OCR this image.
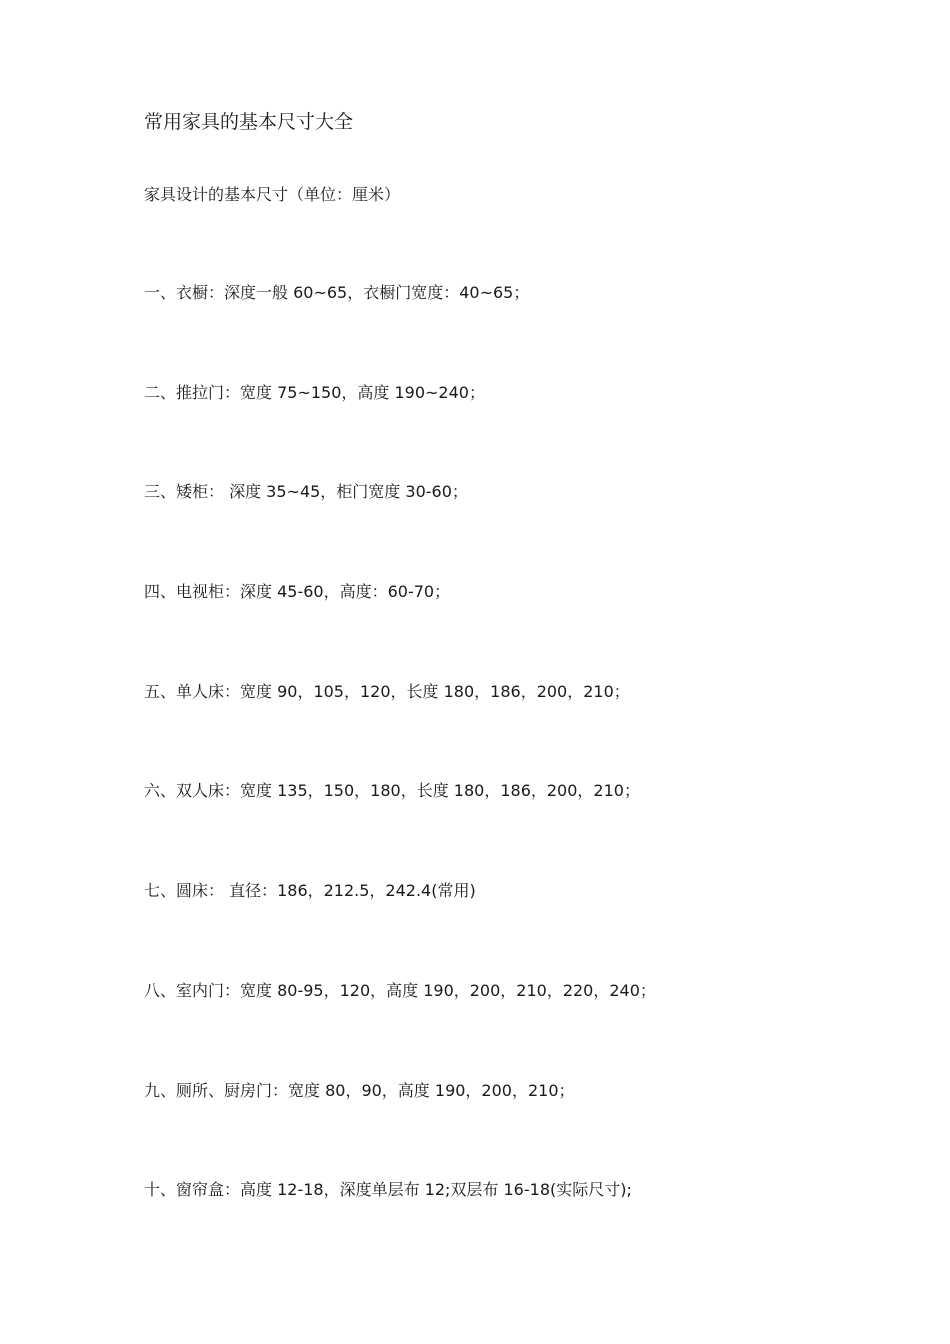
常用家具的基本尺寸大全
家具设计的基本尺寸（单位：厘米）
一、衣橱：深度一般 60~65，衣橱门宽度：40~65；
二、推拉门：宽度 75~150，高度 190~240；
三、矮柜： 深度 35~45，柜门宽度 30-60；
四、电视柜：深度 45-60，高度：60-70；
五、单人床：宽度 90，105，120，长度 180，186，200，210；
六、双人床：宽度 135，150，180，长度 180，186，200，210；
七、圆床： 直径：186，212.5，242.4(常用)
八、室内门：宽度 80-95，120，高度 190，200，210，220，240；
九、厕所、厨房门：宽度 80，90，高度 190，200，210；
十、窗帘盒：高度 12-18，深度单层布 12;双层布 16-18(实际尺寸);
